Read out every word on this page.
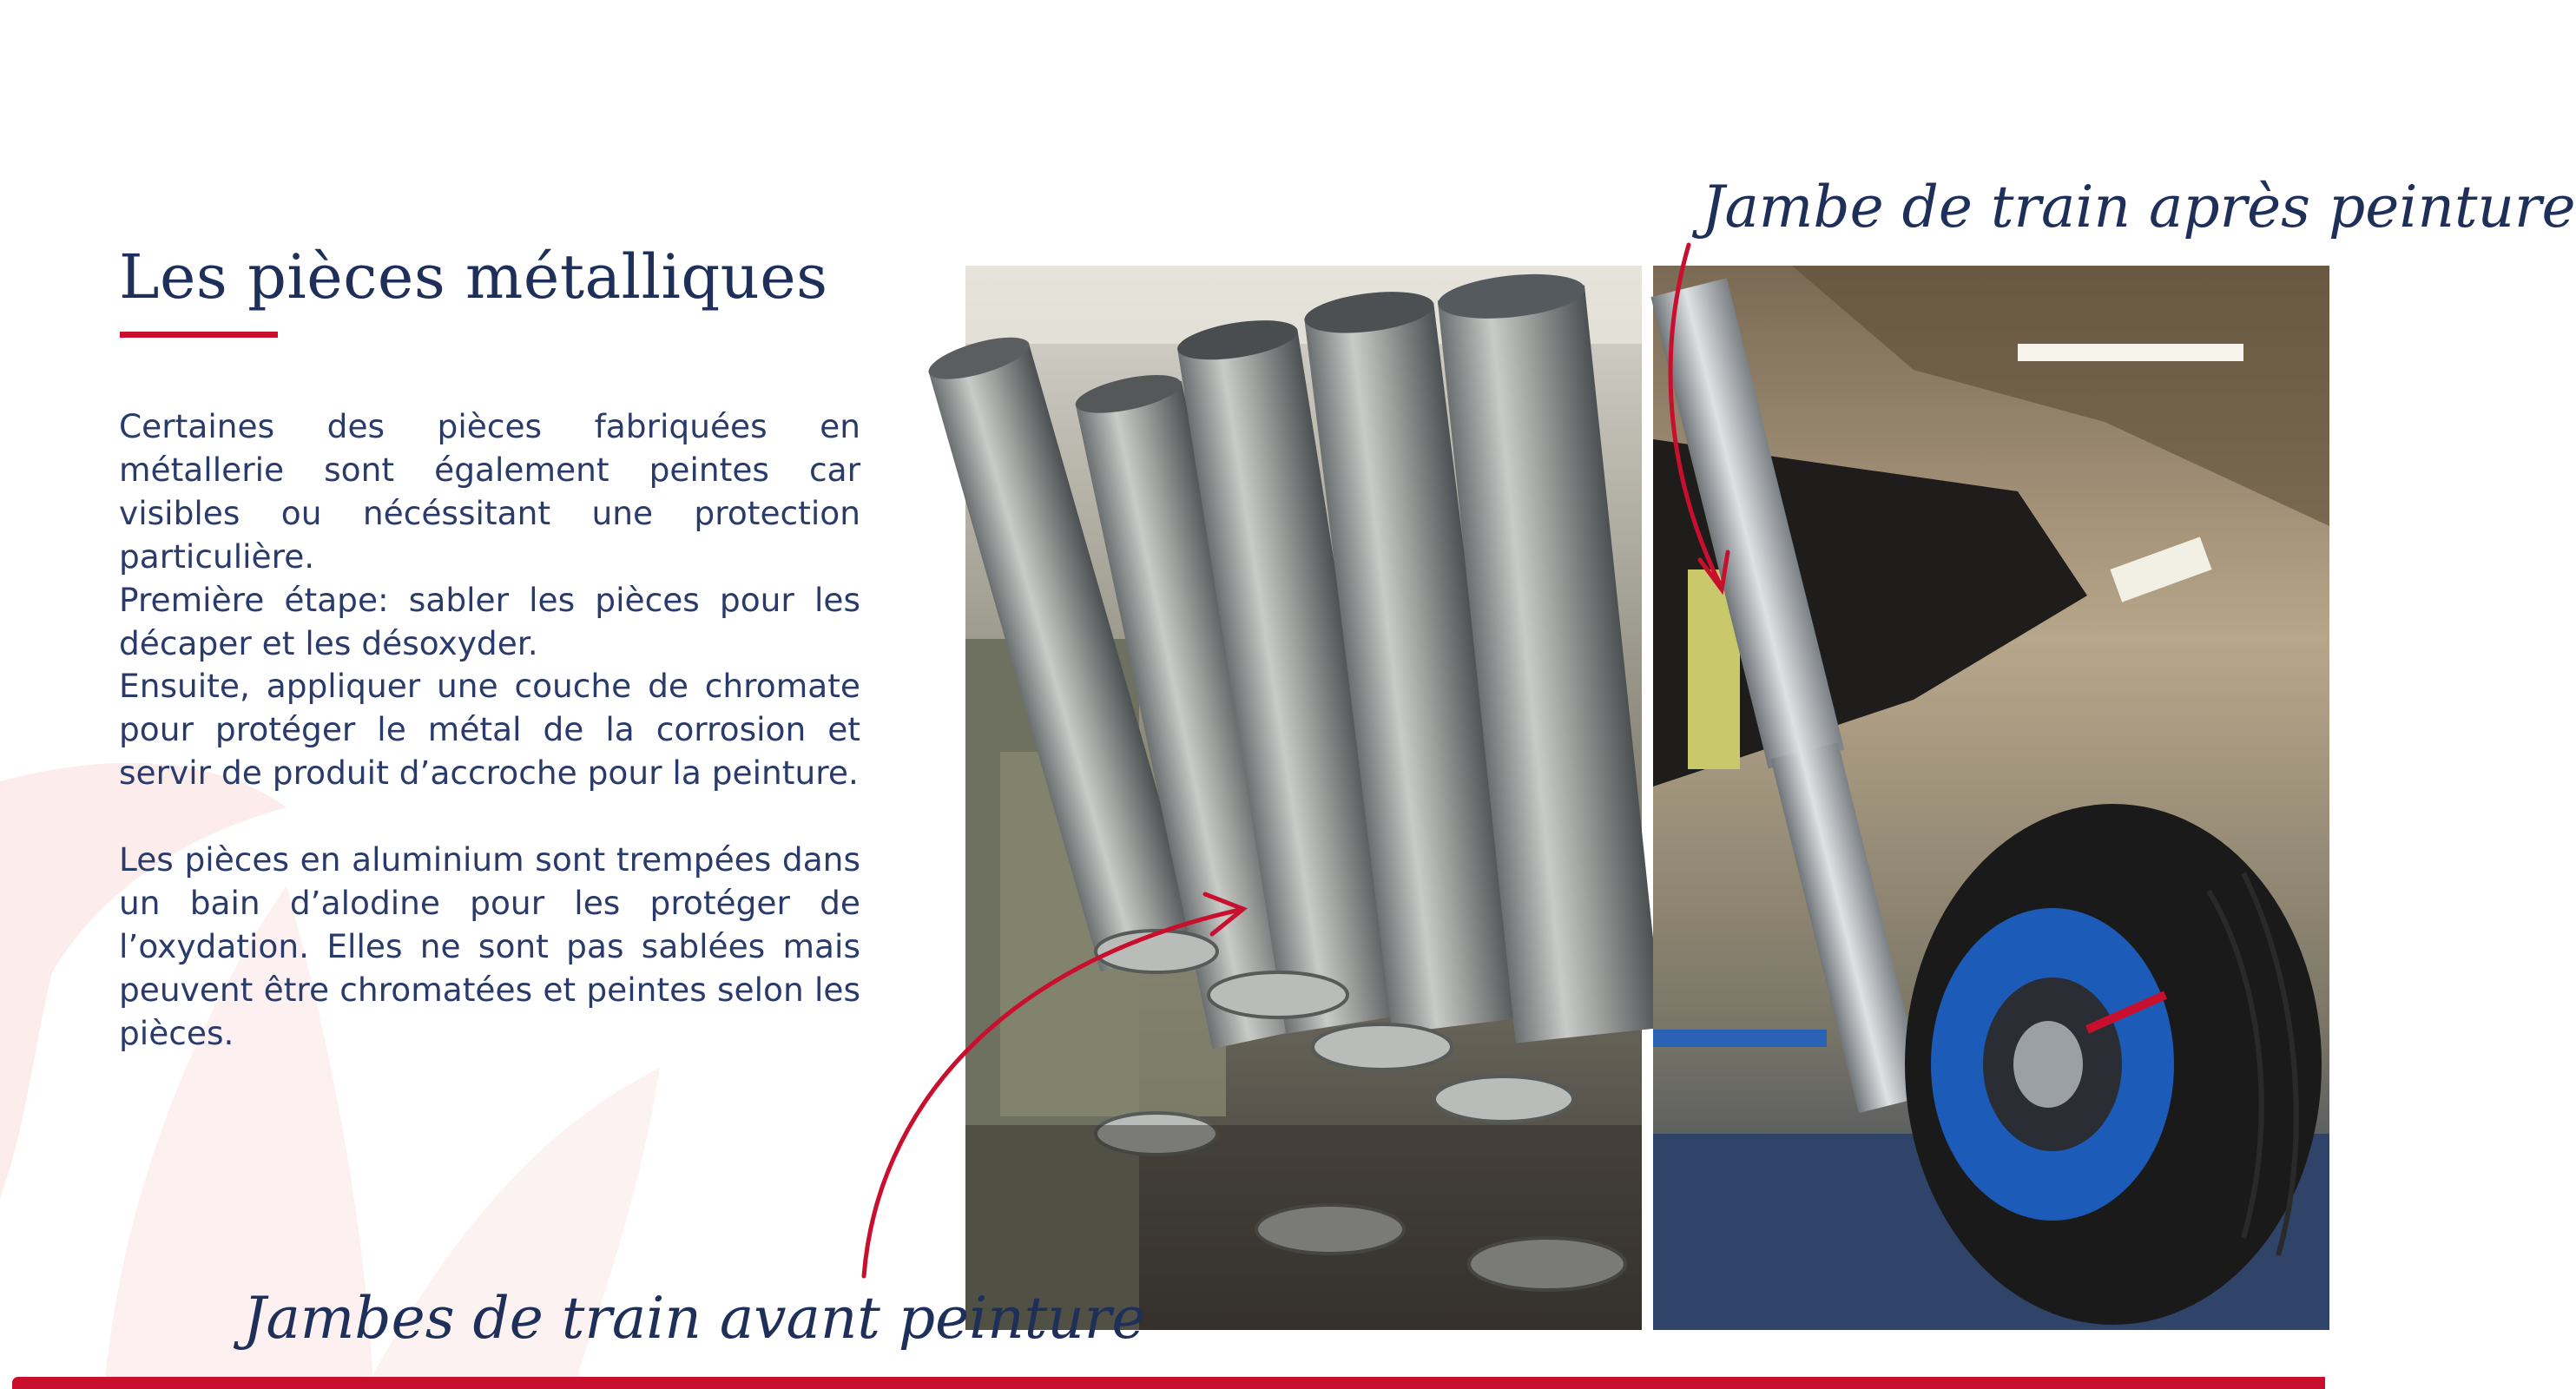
Les pièces métalliques

Certaines des pièces fabriquées en métallerie sont également peintes car visibles ou nécéssitant une protection particulière.

Première étape: sabler les pièces pour les décaper et les désoxyder.

Ensuite, appliquer une couche de chromate pour protéger le métal de la corrosion et servir de produit d’accroche pour la peinture.

Les pièces en aluminium sont trempées dans un bain d’alodine pour les protéger de l’oxydation. Elles ne sont pas sablées mais peuvent être chromatées et peintes selon les pièces.

Jambe de train après peinture

Jambes de train avant peinture
